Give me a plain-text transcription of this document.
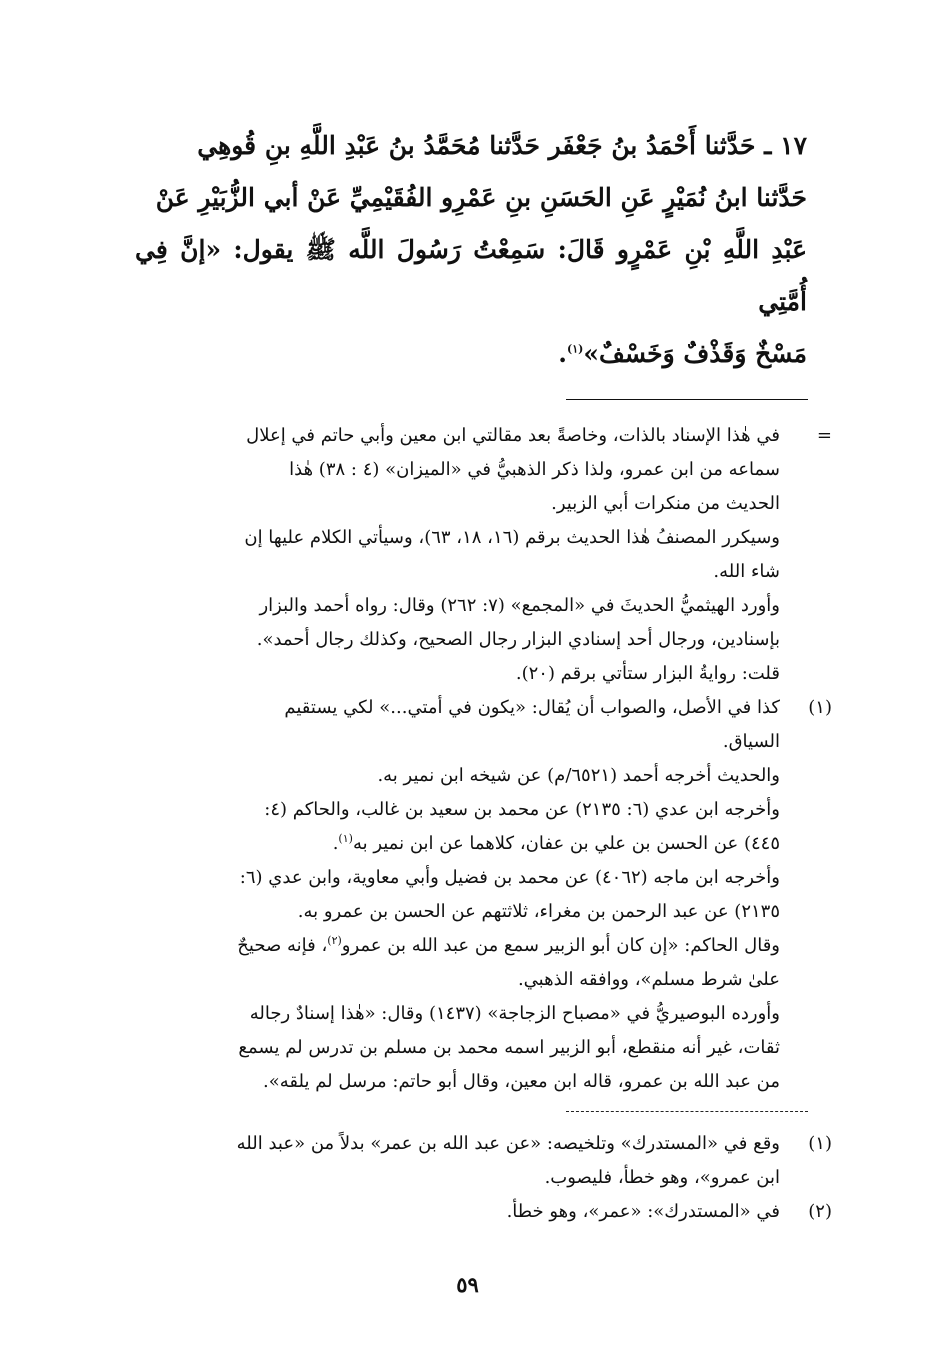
١٧ ـ حَدَّثنا أَحْمَدُ بنُ جَعْفَر حَدَّثنا مُحَمَّدُ بنُ عَبْدِ اللَّهِ بنِ قُوهِي

حَدَّثنا ابنُ نُمَيْرٍ عَنِ الحَسَنِ بنِ عَمْرِو الفُقَيْمِيِّ عَنْ أبي الزُّبَيْرِ عَنْ

عَبْدِ اللَّهِ بْنِ عَمْرٍو قَالَ: سَمِعْتُ رَسُولَ اللَّه ﷺ يقول: «إنَّ فِي أُمَّتِي

مَسْخٌ وَقَذْفٌ وَخَسْفٌ»$^{(١)}$.

=

في هٰذا الإسناد بالذات، وخاصةً بعد مقالتي ابن معين وأبي حاتم في إعلال

سماعه من ابن عمرو، ولذا ذكر الذهبيُّ في «الميزان» (٤ : ٣٨) هٰذا

الحديث من منكرات أبي الزبير.

وسيكرر المصنفُ هٰذا الحديث برقم (١٦، ١٨، ٦٣)، وسيأتي الكلام عليها إن

شاء الله.

وأورد الهيثميُّ الحديثَ في «المجمع» (٧: ٢٦٢) وقال: رواه أحمد والبزار

بإسنادين، ورجال أحد إسنادي البزار رجال الصحيح، وكذلك رجال أحمد».

قلت: روايةُ البزار ستأتي برقم (٢٠).

(١)

كذا في الأصل، والصواب أن يُقال: «يكون في أمتي...» لكي يستقيم

السياق.

والحديث أخرجه أحمد (٦٥٢١/م) عن شيخه ابن نمير به.

وأخرجه ابن عدي (٦: ٢١٣٥) عن محمد بن سعيد بن غالب، والحاكم (٤:

٤٤٥) عن الحسن بن علي بن عفان، كلاهما عن ابن نمير به$^{(١)}$.

وأخرجه ابن ماجه (٤٠٦٢) عن محمد بن فضيل وأبي معاوية، وابن عدي (٦:

٢١٣٥) عن عبد الرحمن بن مغراء، ثلاثتهم عن الحسن بن عمرو به.

وقال الحاكم: «إن كان أبو الزبير سمع من عبد الله بن عمرو$^{(٢)}$، فإنه صحيحٌ

علىٰ شرط مسلم»، ووافقه الذهبي.

وأورده البوصيريُّ في «مصباح الزجاجة» (١٤٣٧) وقال: «هٰذا إسنادٌ رجاله

ثقات، غير أنه منقطع، أبو الزبير اسمه محمد بن مسلم بن تدرس لم يسمع

من عبد الله بن عمرو، قاله ابن معين، وقال أبو حاتم: مرسل لم يلقه».

(١)

وقع في «المستدرك» وتلخيصه: «عن عبد الله بن عمر» بدلاً من «عبد الله

ابن عمرو»، وهو خطأ، فليصوب.

(٢)

في «المستدرك»: «عمر»، وهو خطأ.

٥٩
